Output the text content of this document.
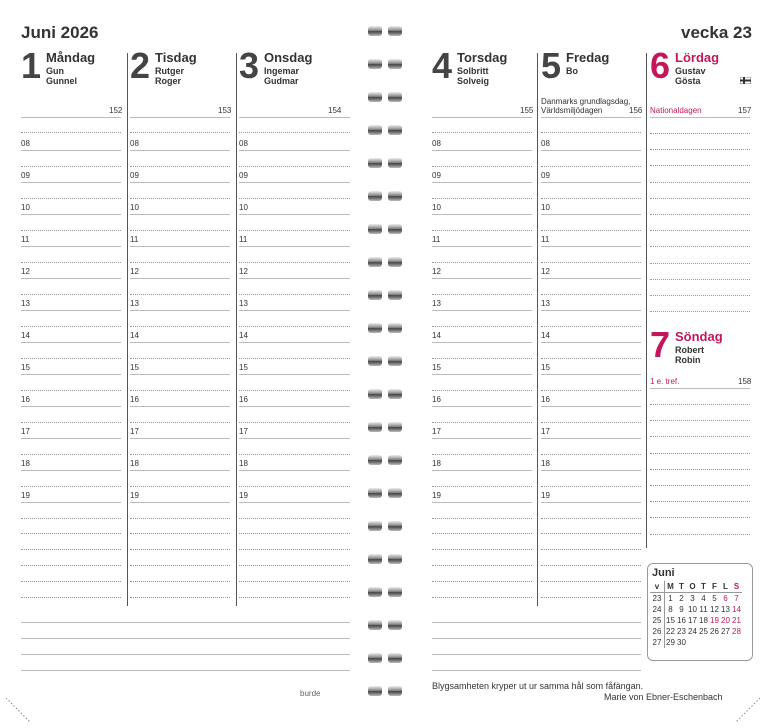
Juni 2026	vecka 23
1 Måndag
Gun
Gunnel 2 Tisdag
Rutger
Roger 3 Onsdag
Ingemar
Gudmar	4 Torsdag
Solbritt
Solveig 5 Fredag
Bo 6 Lördag
Gustav
Gösta
7 Söndag
Robert
Robin
152	153	154	155	156	157
158
Danmarks grundlagsdag, Världsmiljödagen	Nationaldagen
1 e. tref.
08
09
10
11
12
13
14
15
16
17
18
19
08
09
10
11
12
13
14
15
16
17
18
19
08
09
10
11
12
13
14
15
16
17
18
19
08
09
10
11
12
13
14
15
16
17
18
19
08
09
10
11
12
13
14
15
16
17
18
19
Juni
v	M	T	O	T	F	L	S
23	1	2	3	4	5	6	7
24	8	9	10	11	12	13	14
25	15	16	17	18	19	20	21
26	22	23	24	25	26	27	28
27	29	30					
Blygsamheten kryper ut ur samma hål som fåfängan.
Marie von Ebner-Eschenbach
burde
